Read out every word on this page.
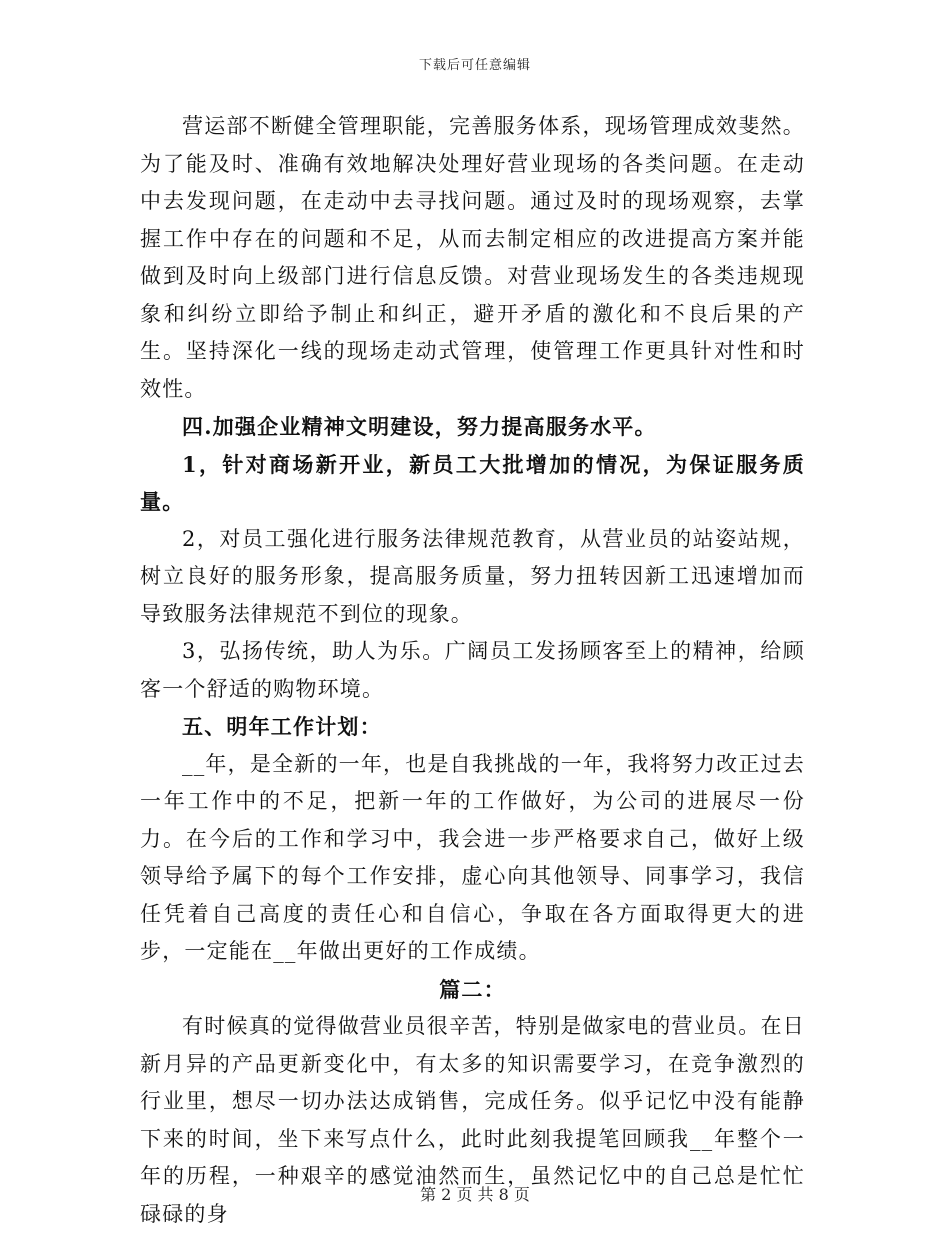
下载后可任意编辑

营运部不断健全管理职能，完善服务体系，现场管理成效斐然。为了能及时、准确有效地解决处理好营业现场的各类问题。在走动中去发现问题，在走动中去寻找问题。通过及时的现场观察，去掌握工作中存在的问题和不足，从而去制定相应的改进提高方案并能做到及时向上级部门进行信息反馈。对营业现场发生的各类违规现象和纠纷立即给予制止和纠正，避开矛盾的激化和不良后果的产生。坚持深化一线的现场走动式管理，使管理工作更具针对性和时效性。

四.加强企业精神文明建设，努力提高服务水平。

1，针对商场新开业，新员工大批增加的情况，为保证服务质量。

2，对员工强化进行服务法律规范教育，从营业员的站姿站规，树立良好的服务形象，提高服务质量，努力扭转因新工迅速增加而导致服务法律规范不到位的现象。

3，弘扬传统，助人为乐。广阔员工发扬顾客至上的精神，给顾客一个舒适的购物环境。

五、明年工作计划：

__年，是全新的一年，也是自我挑战的一年，我将努力改正过去一年工作中的不足，把新一年的工作做好，为公司的进展尽一份力。在今后的工作和学习中，我会进一步严格要求自己，做好上级领导给予属下的每个工作安排，虚心向其他领导、同事学习，我信任凭着自己高度的责任心和自信心，争取在各方面取得更大的进步，一定能在__年做出更好的工作成绩。

篇二：

有时候真的觉得做营业员很辛苦，特别是做家电的营业员。在日新月异的产品更新变化中，有太多的知识需要学习，在竞争激烈的行业里，想尽一切办法达成销售，完成任务。似乎记忆中没有能静下来的时间，坐下来写点什么，此时此刻我提笔回顾我__年整个一年的历程，一种艰辛的感觉油然而生，虽然记忆中的自己总是忙忙碌碌的身

第 2 页 共 8 页
